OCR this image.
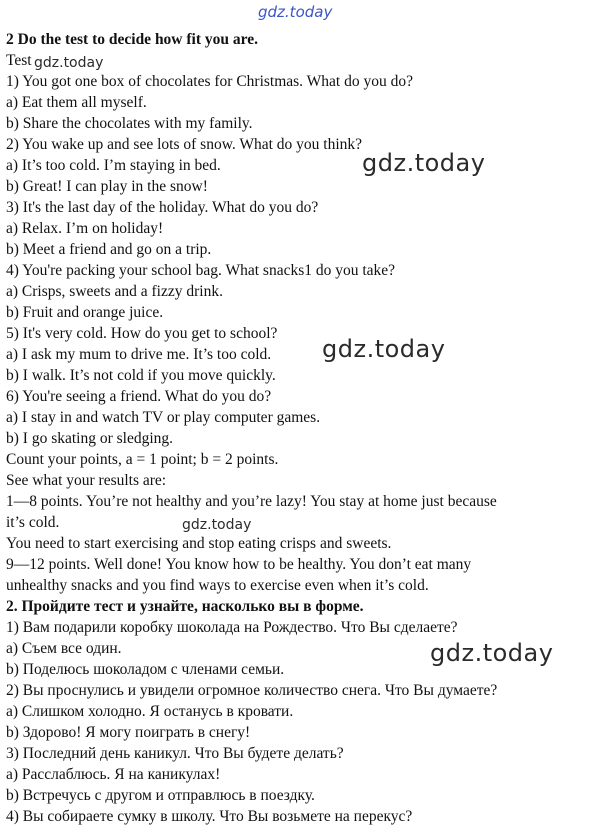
gdz.today
2 Do the test to decide how fit you are.
Test
1) You got one box of chocolates for Christmas. What do you do?
a) Eat them all myself.
b) Share the chocolates with my family.
2) You wake up and see lots of snow. What do you think?
a) It’s too cold. I’m staying in bed.
b) Great! I can play in the snow!
3) It's the last day of the holiday. What do you do?
a) Relax. I’m on holiday!
b) Meet a friend and go on a trip.
4) You're packing your school bag. What snacks1 do you take?
a) Crisps, sweets and a fizzy drink.
b) Fruit and orange juice.
5) It's very cold. How do you get to school?
a) I ask my mum to drive me. It’s too cold.
b) I walk. It’s not cold if you move quickly.
6) You're seeing a friend. What do you do?
a) I stay in and watch TV or play computer games.
b) I go skating or sledging.
Count your points, a = 1 point; b = 2 points.
See what your results are:
1—8 points. You’re not healthy and you’re lazy! You stay at home just because
it’s cold.
You need to start exercising and stop eating crisps and sweets.
9—12 points. Well done! You know how to be healthy. You don’t eat many
unhealthy snacks and you find ways to exercise even when it’s cold.
2. Пройдите тест и узнайте, насколько вы в форме.
1) Вам подарили коробку шоколада на Рождество. Что Вы сделаете?
а) Съем все один.
b) Поделюсь шоколадом с членами семьи.
2) Вы проснулись и увидели огромное количество снега. Что Вы думаете?
а) Слишком холодно. Я останусь в кровати.
b) Здорово! Я могу поиграть в снегу!
3) Последний день каникул. Что Вы будете делать?
а) Расслаблюсь. Я на каникулах!
b) Встречусь с другом и отправлюсь в поездку.
4) Вы собираете сумку в школу. Что Вы возьмете на перекус?
gdz.today
gdz.today
gdz.today
gdz.today
gdz.today
